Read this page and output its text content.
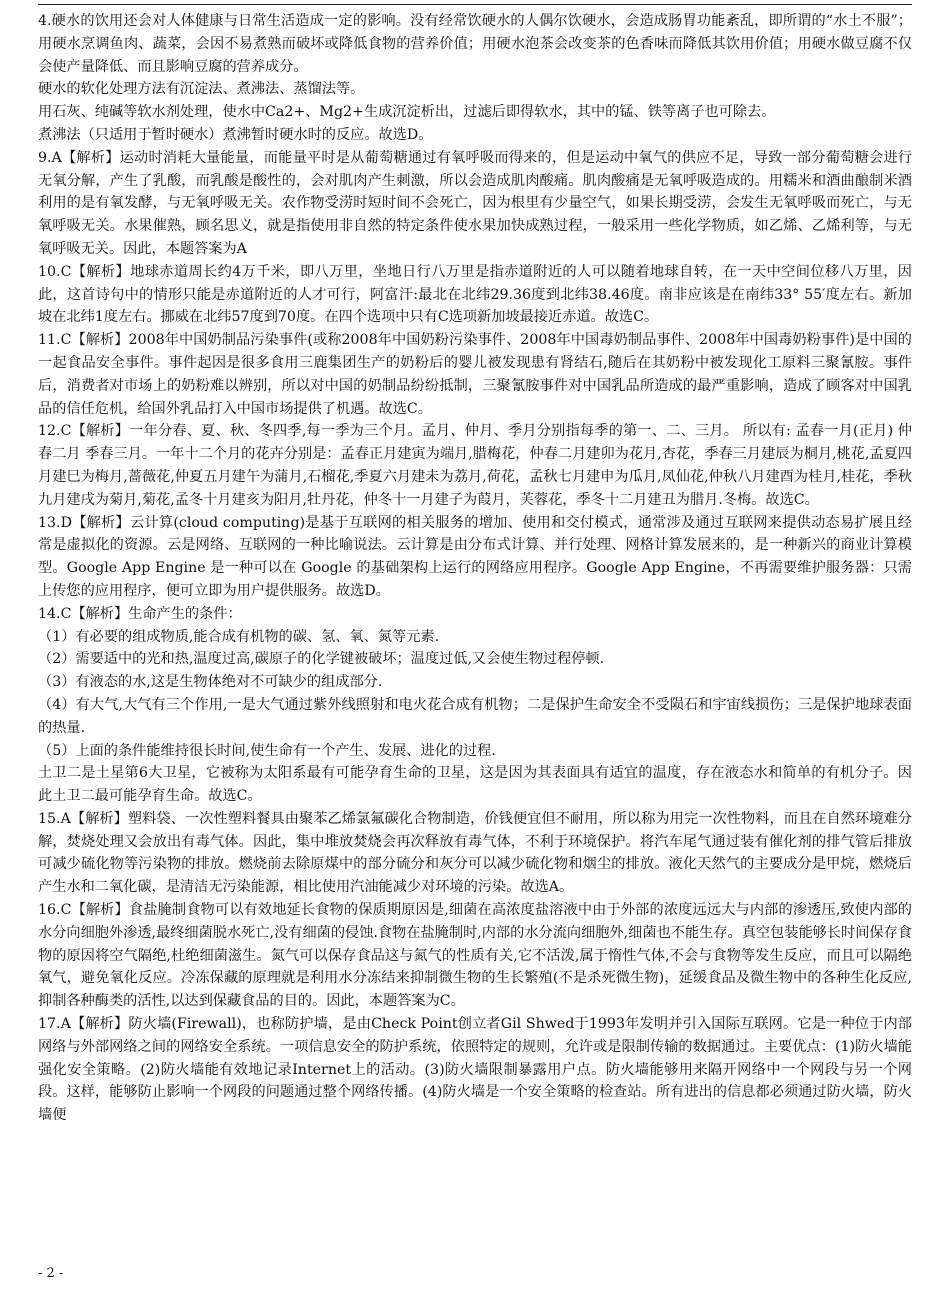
4.硬水的饮用还会对人体健康与日常生活造成一定的影响。没有经常饮硬水的人偶尔饮硬水，会造成肠胃功能紊乱，即所谓的“水土不服”；用硬水烹调鱼肉、蔬菜，会因不易煮熟而破坏或降低食物的营养价值；用硬水泡茶会改变茶的色香味而降低其饮用价值；用硬水做豆腐不仅会使产量降低、而且影响豆腐的营养成分。

硬水的软化处理方法有沉淀法、煮沸法、蒸馏法等。

用石灰、纯碱等软水剂处理，使水中Ca2+、Mg2+生成沉淀析出，过滤后即得软水，其中的锰、铁等离子也可除去。

煮沸法（只适用于暂时硬水）煮沸暂时硬水时的反应。故选D。

9.A【解析】运动时消耗大量能量，而能量平时是从葡萄糖通过有氧呼吸而得来的，但是运动中氧气的供应不足，导致一部分葡萄糖会进行无氧分解，产生了乳酸，而乳酸是酸性的，会对肌肉产生刺激，所以会造成肌肉酸痛。肌肉酸痛是无氧呼吸造成的。用糯米和酒曲酿制米酒利用的是有氧发酵，与无氧呼吸无关。农作物受涝时短时间不会死亡，因为根里有少量空气，如果长期受涝，会发生无氧呼吸而死亡，与无氧呼吸无关。水果催熟，顾名思义，就是指使用非自然的特定条件使水果加快成熟过程，一般采用一些化学物质，如乙烯、乙烯利等，与无氧呼吸无关。因此，本题答案为A

10.C【解析】地球赤道周长约4万千米，即八万里，坐地日行八万里是指赤道附近的人可以随着地球自转，在一天中空间位移八万里，因此，这首诗句中的情形只能是赤道附近的人才可行，阿富汗:最北在北纬29.36度到北纬38.46度。南非应该是在南纬33° 55′度左右。新加坡在北纬1度左右。挪威在北纬57度到70度。在四个选项中只有C选项新加坡最接近赤道。故选C。

11.C【解析】2008年中国奶制品污染事件(或称2008年中国奶粉污染事件、2008年中国毒奶制品事件、2008年中国毒奶粉事件)是中国的一起食品安全事件。事件起因是很多食用三鹿集团生产的奶粉后的婴儿被发现患有肾结石,随后在其奶粉中被发现化工原料三聚氰胺。事件后，消费者对市场上的奶粉难以辨别，所以对中国的奶制品纷纷抵制，三聚氰胺事件对中国乳品所造成的最严重影响，造成了顾客对中国乳品的信任危机，给国外乳品打入中国市场提供了机遇。故选C。

12.C【解析】一年分春、夏、秋、冬四季,每一季为三个月。孟月、仲月、季月分别指每季的第一、二、三月。 所以有: 孟春一月(正月) 仲春二月 季春三月。一年十二个月的花卉分别是：孟春正月建寅为端月,腊梅花，仲春二月建卯为花月,杏花，季春三月建辰为桐月,桃花,孟夏四月建巳为梅月,蔷薇花,仲夏五月建午为蒲月,石榴花,季夏六月建未为荔月,荷花，孟秋七月建申为瓜月,凤仙花,仲秋八月建酉为桂月,桂花，季秋九月建戌为菊月,菊花,孟冬十月建亥为阳月,牡丹花，仲冬十一月建子为葭月，芙蓉花，季冬十二月建丑为腊月.冬梅。故选C。

13.D【解析】云计算(cloud computing)是基于互联网的相关服务的增加、使用和交付模式，通常涉及通过互联网来提供动态易扩展且经常是虚拟化的资源。云是网络、互联网的一种比喻说法。云计算是由分布式计算、并行处理、网格计算发展来的，是一种新兴的商业计算模型。Google App Engine 是一种可以在 Google 的基础架构上运行的网络应用程序。Google App Engine，不再需要维护服务器：只需上传您的应用程序，便可立即为用户提供服务。故选D。

14.C【解析】生命产生的条件：

（1）有必要的组成物质,能合成有机物的碳、氢、氧、氮等元素.

（2）需要适中的光和热,温度过高,碳原子的化学键被破坏；温度过低,又会使生物过程停顿.

（3）有液态的水,这是生物体绝对不可缺少的组成部分.

（4）有大气,大气有三个作用,一是大气通过紫外线照射和电火花合成有机物；二是保护生命安全不受陨石和宇宙线损伤；三是保护地球表面的热量.

（5）上面的条件能维持很长时间,使生命有一个产生、发展、进化的过程.

土卫二是土星第6大卫星，它被称为太阳系最有可能孕育生命的卫星，这是因为其表面具有适宜的温度，存在液态水和简单的有机分子。因此土卫二最可能孕育生命。故选C。

15.A【解析】塑料袋、一次性塑料餐具由聚苯乙烯氯氟碳化合物制造，价钱便宜但不耐用，所以称为用完一次性物料，而且在自然环境难分解，焚烧处理又会放出有毒气体。因此，集中堆放焚烧会再次释放有毒气体，不利于环境保护。将汽车尾气通过装有催化剂的排气管后排放可减少硫化物等污染物的排放。燃烧前去除原煤中的部分硫分和灰分可以减少硫化物和烟尘的排放。液化天然气的主要成分是甲烷，燃烧后产生水和二氧化碳，是清洁无污染能源，相比使用汽油能减少对环境的污染。故选A。

16.C【解析】食盐腌制食物可以有效地延长食物的保质期原因是,细菌在高浓度盐溶液中由于外部的浓度远远大与内部的渗透压,致使内部的水分向细胞外渗透,最终细菌脱水死亡,没有细菌的侵蚀.食物在盐腌制时,内部的水分流向细胞外,细菌也不能生存。真空包装能够长时间保存食物的原因将空气隔绝,杜绝细菌滋生。氮气可以保存食品这与氮气的性质有关,它不活泼,属于惰性气体,不会与食物等发生反应，而且可以隔绝氧气，避免氧化反应。冷冻保藏的原理就是利用水分冻结来抑制微生物的生长繁殖(不是杀死微生物)，延缓食品及微生物中的各种生化反应,抑制各种酶类的活性,以达到保藏食品的目的。因此，本题答案为C。

17.A【解析】防火墙(Firewall)，也称防护墙，是由Check Point创立者Gil Shwed于1993年发明并引入国际互联网。它是一种位于内部网络与外部网络之间的网络安全系统。一项信息安全的防护系统，依照特定的规则，允许或是限制传输的数据通过。主要优点：(1)防火墙能强化安全策略。(2)防火墙能有效地记录Internet上的活动。(3)防火墙限制暴露用户点。防火墙能够用来隔开网络中一个网段与另一个网段。这样，能够防止影响一个网段的问题通过整个网络传播。(4)防火墙是一个安全策略的检查站。所有进出的信息都必须通过防火墙，防火墙便

- 2 -
